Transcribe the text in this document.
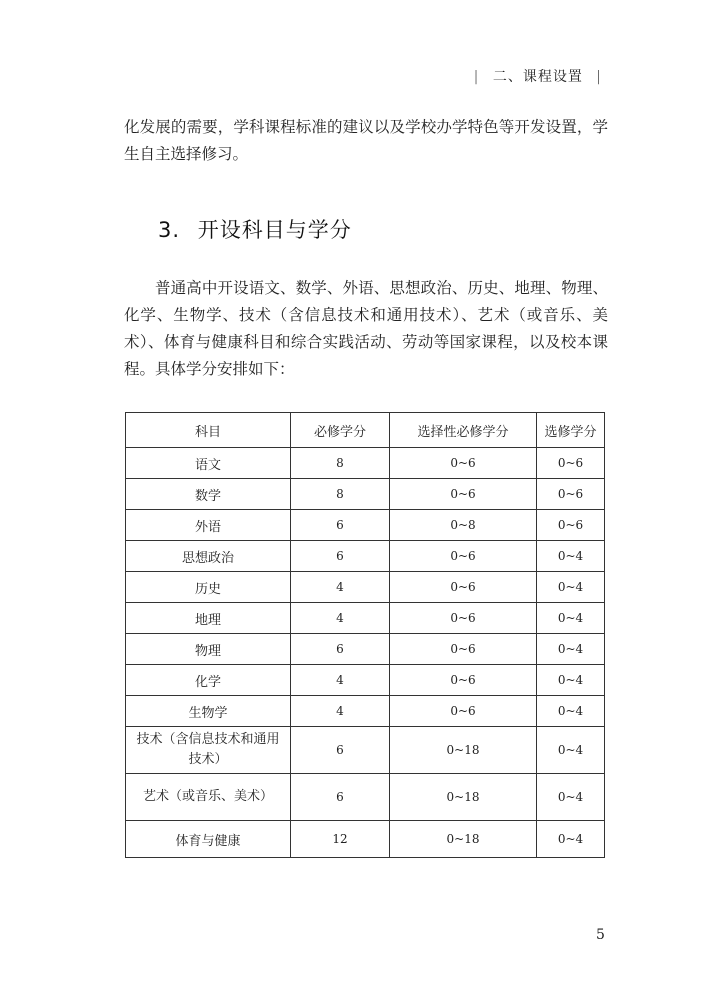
| 二、课程设置 |

化发展的需要，学科课程标准的建议以及学校办学特色等开发设置，学生自主选择修习。

3. 开设科目与学分

普通高中开设语文、数学、外语、思想政治、历史、地理、物理、化学、生物学、技术（含信息技术和通用技术）、艺术（或音乐、美术）、体育与健康科目和综合实践活动、劳动等国家课程，以及校本课程。具体学分安排如下：

科目	必修学分	选择性必修学分	选修学分
语文	8	0~6	0~6
数学	8	0~6	0~6
外语	6	0~8	0~6
思想政治	6	0~6	0~4
历史	4	0~6	0~4
地理	4	0~6	0~4
物理	6	0~6	0~4
化学	4	0~6	0~4
生物学	4	0~6	0~4
技术（含信息技术和通用技术）	6	0~18	0~4
艺术（或音乐、美术）	6	0~18	0~4
体育与健康	12	0~18	0~4
5
